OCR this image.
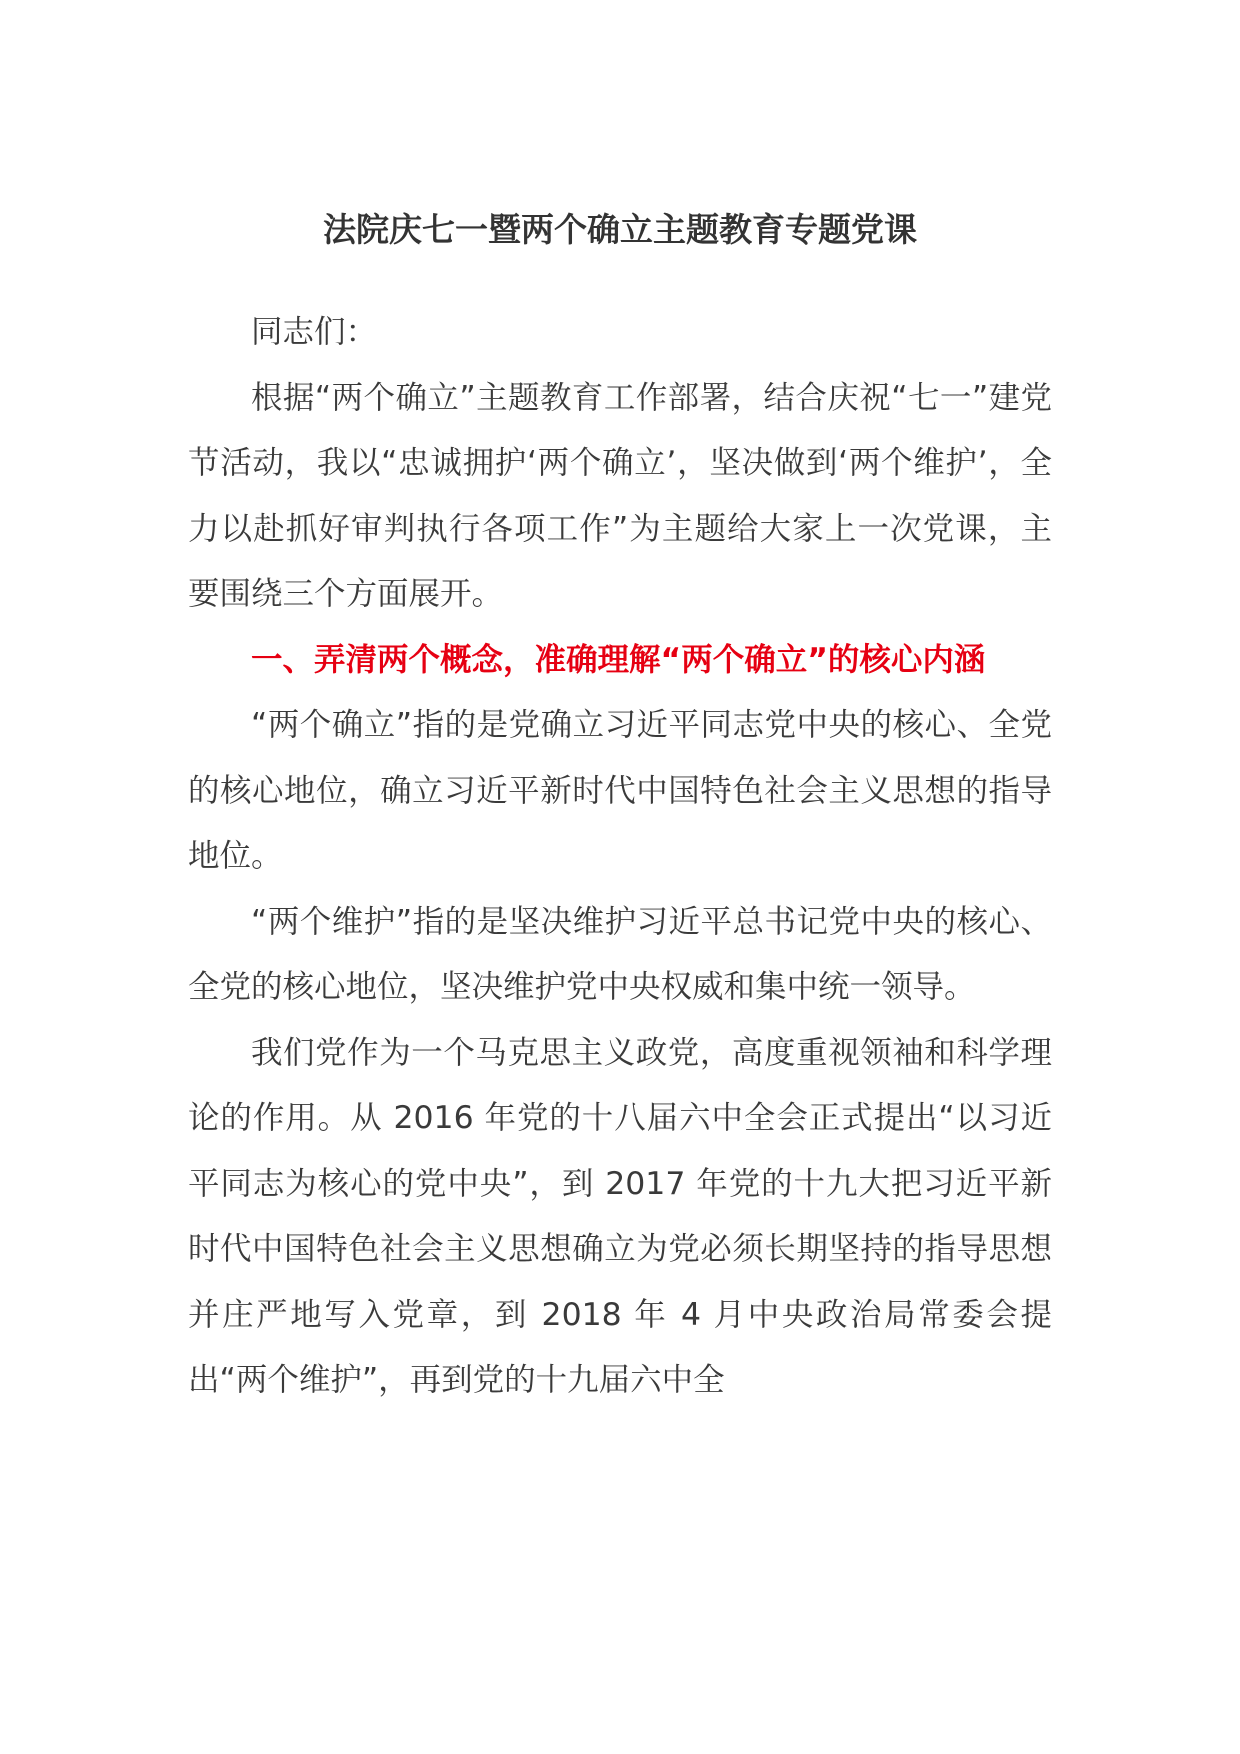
法院庆七一暨两个确立主题教育专题党课

同志们：

根据“两个确立”主题教育工作部署，结合庆祝“七一”建党节活动，我以“忠诚拥护‘两个确立’，坚决做到‘两个维护’，全力以赴抓好审判执行各项工作”为主题给大家上一次党课，主要围绕三个方面展开。

一、弄清两个概念，准确理解“两个确立”的核心内涵

“两个确立”指的是党确立习近平同志党中央的核心、全党的核心地位，确立习近平新时代中国特色社会主义思想的指导地位。

“两个维护”指的是坚决维护习近平总书记党中央的核心、全党的核心地位，坚决维护党中央权威和集中统一领导。

我们党作为一个马克思主义政党，高度重视领袖和科学理论的作用。从 2016 年党的十八届六中全会正式提出“以习近平同志为核心的党中央”，到 2017 年党的十九大把习近平新时代中国特色社会主义思想确立为党必须长期坚持的指导思想并庄严地写入党章，到 2018 年 4 月中央政治局常委会提出“两个维护”，再到党的十九届六中全
